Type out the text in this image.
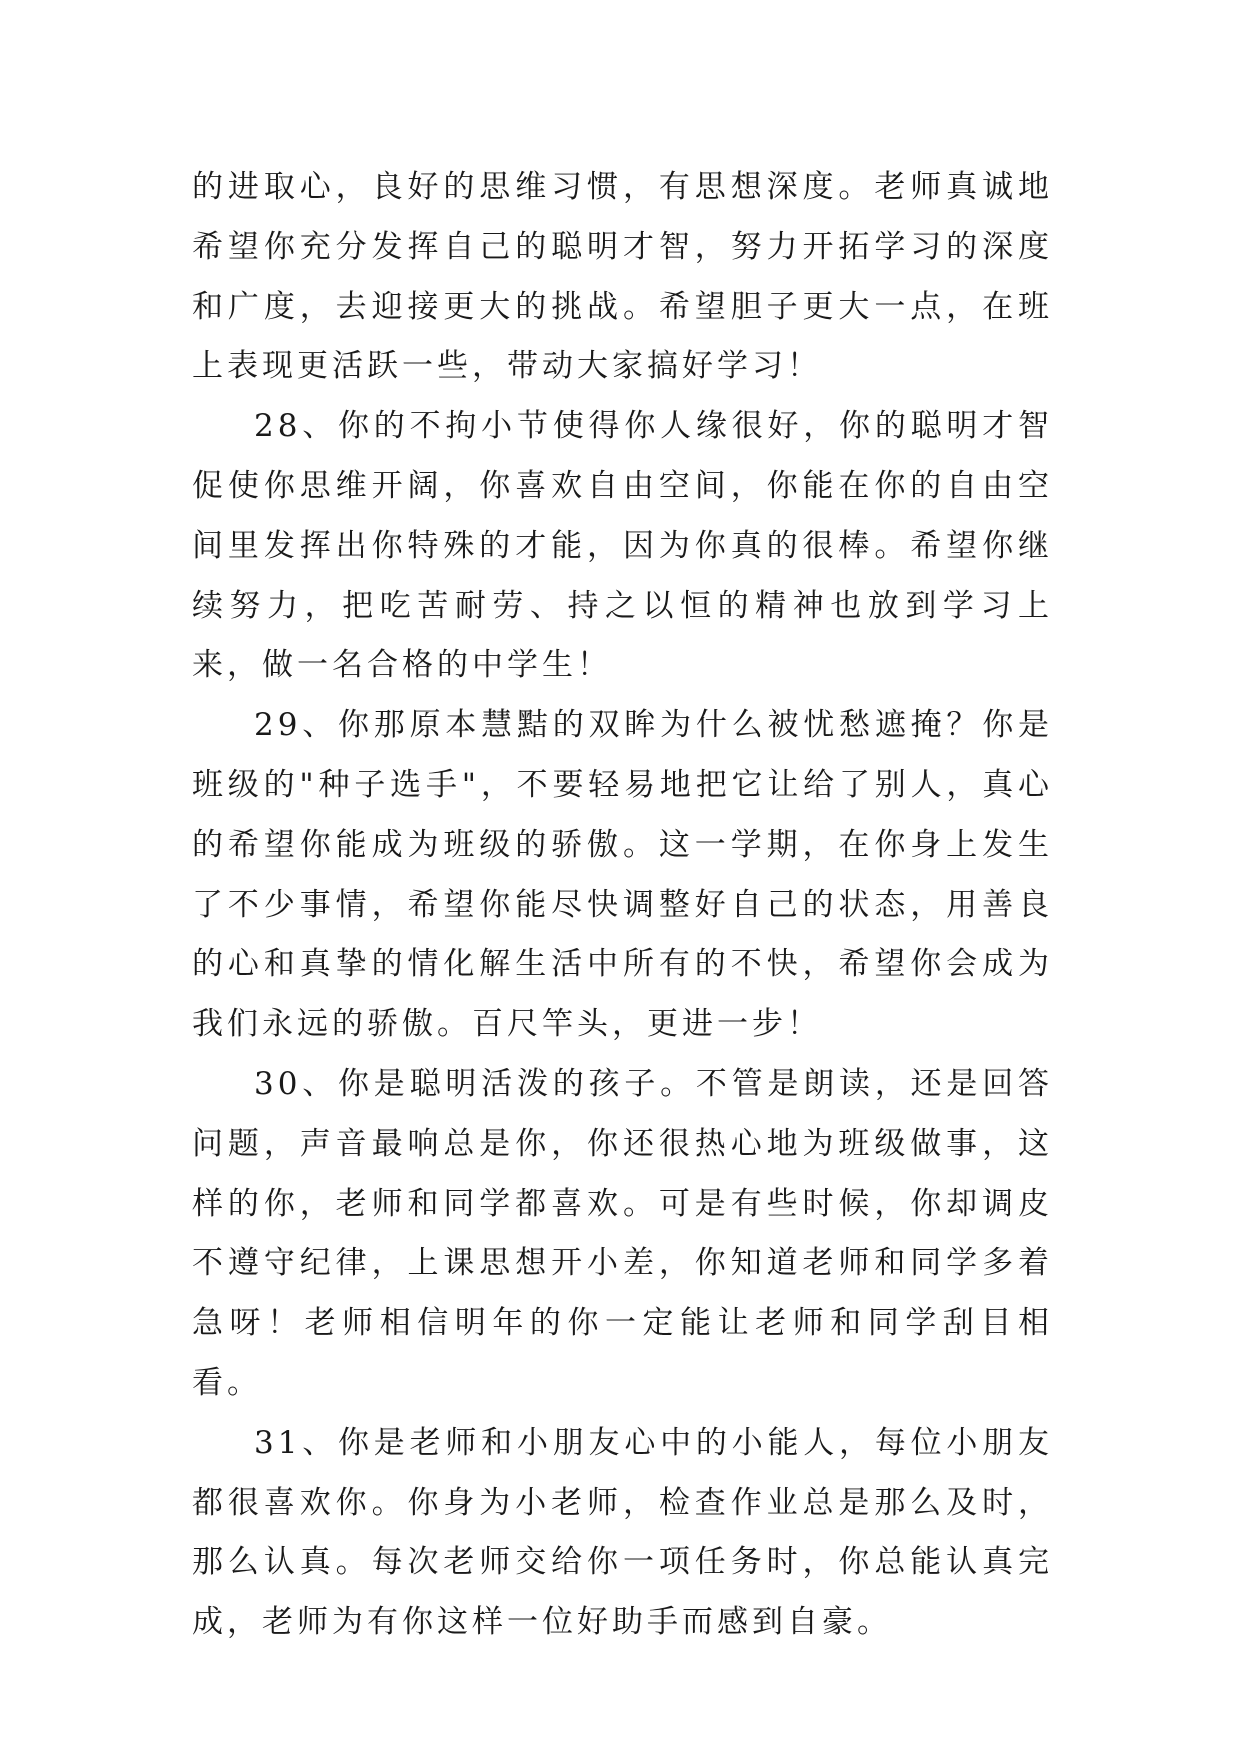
的进取心，良好的思维习惯，有思想深度。老师真诚地希望你充分发挥自己的聪明才智，努力开拓学习的深度和广度，去迎接更大的挑战。希望胆子更大一点，在班上表现更活跃一些，带动大家搞好学习！

28、你的不拘小节使得你人缘很好，你的聪明才智促使你思维开阔，你喜欢自由空间，你能在你的自由空间里发挥出你特殊的才能，因为你真的很棒。希望你继续努力，把吃苦耐劳、持之以恒的精神也放到学习上来，做一名合格的中学生！

29、你那原本慧黠的双眸为什么被忧愁遮掩？你是班级的"种子选手"，不要轻易地把它让给了别人，真心的希望你能成为班级的骄傲。这一学期，在你身上发生了不少事情，希望你能尽快调整好自己的状态，用善良的心和真挚的情化解生活中所有的不快，希望你会成为我们永远的骄傲。百尺竿头，更进一步！

30、你是聪明活泼的孩子。不管是朗读，还是回答问题，声音最响总是你，你还很热心地为班级做事，这样的你，老师和同学都喜欢。可是有些时候，你却调皮不遵守纪律，上课思想开小差，你知道老师和同学多着急呀！老师相信明年的你一定能让老师和同学刮目相看。

31、你是老师和小朋友心中的小能人，每位小朋友都很喜欢你。你身为小老师，检查作业总是那么及时，那么认真。每次老师交给你一项任务时，你总能认真完成，老师为有你这样一位好助手而感到自豪。
